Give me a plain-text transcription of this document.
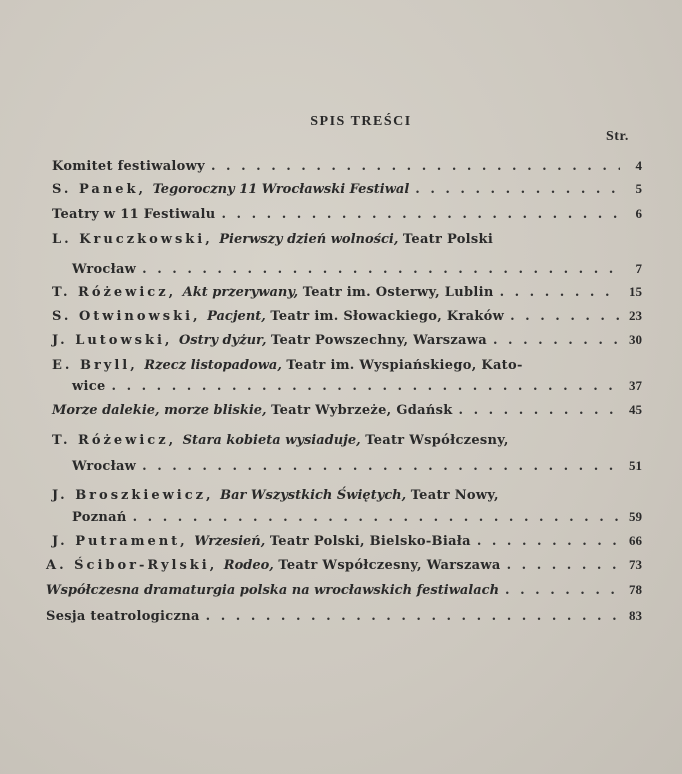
SPIS TREŚCI
Str.
Komitet festiwalowy . . .	4
S. Panek,
Tegoroczny 11 Wrocławski Festiwal . . .	5
Teatry w 11 Festiwalu . . .	6
L. Kruczkowski,
Pierwszy dzień wolności,
Teatr Polski
Wrocław . . .	7
T. Różewicz,
Akt przerywany,
Teatr im. Osterwy, Lublin . . .	15
S. Otwinowski,
Pacjent,
Teatr im. Słowackiego, Kraków . . .	23
J. Lutowski,
Ostry dyżur,
Teatr Powszechny, Warszawa . . .	30
E. Bryll,
Rzecz listopadowa,
Teatr im. Wyspiańskiego, Kato-
wice . . .	37
Morze dalekie, morze bliskie,
Teatr Wybrzeże, Gdańsk . . .	45
T. Różewicz,
Stara kobieta wysiaduje,
Teatr Współczesny,
Wrocław . . .	51
J. Broszkiewicz,
Bar Wszystkich Świętych,
Teatr Nowy,
Poznań . . .	59
J. Putrament,
Wrzesień,
Teatr Polski, Bielsko-Biała . . .	66
A. Ścibor-Rylski,
Rodeo,
Teatr Współczesny, Warszawa . . .	73
Współczesna dramaturgia polska na wrocławskich festiwalach . . .	78
Sesja teatrologiczna . . .	83
